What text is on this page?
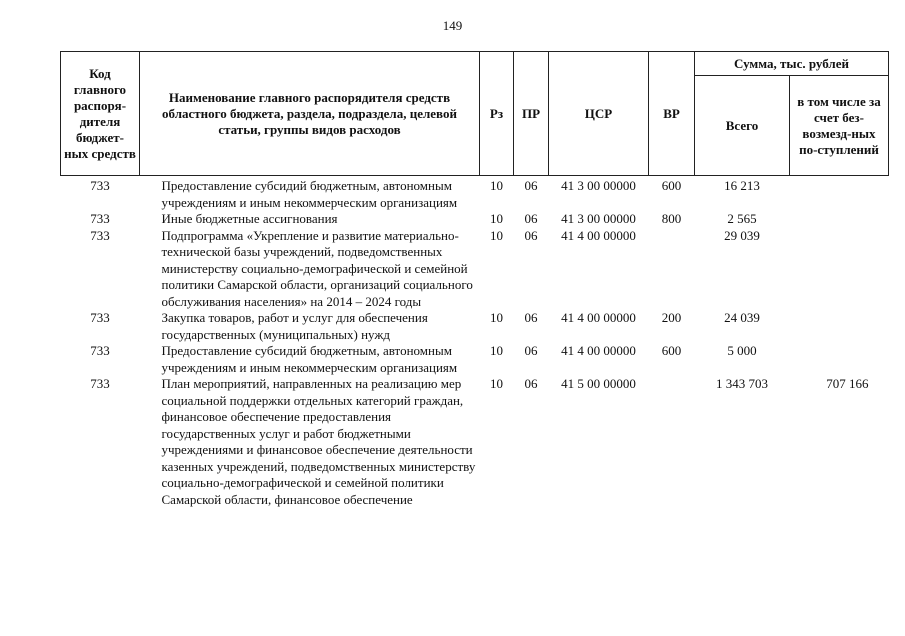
149
Код главного распоря-дителя бюджет-ных средств	Наименование главного распорядителя средств областного бюджета, раздела, подраздела, целевой статьи, группы видов расходов	Рз	ПР	ЦСР	ВР	Сумма, тыс. рублей	
						Всего	в том числе за счет без-возмезд-ных по-ступлений
733	Предоставление субсидий бюджетным, автономным учреждениям и иным некоммерческим организациям	10	06	41 3 00 00000	600	16 213	
733	Иные бюджетные ассигнования	10	06	41 3 00 00000	800	2 565	
733	Подпрограмма «Укрепление и развитие материально-технической базы учреждений, подведомственных министерству социально-демографической и семейной политики Самарской области, организаций социального обслуживания населения» на 2014 – 2024 годы	10	06	41 4 00 00000		29 039	
733	Закупка товаров, работ и услуг для обеспечения государственных (муниципальных) нужд	10	06	41 4 00 00000	200	24 039	
733	Предоставление субсидий бюджетным, автономным учреждениям и иным некоммерческим организациям	10	06	41 4 00 00000	600	5 000	
733	План мероприятий, направленных на реализацию мер социальной поддержки отдельных категорий граждан, финансовое обеспечение предоставления государственных услуг и работ бюджетными учреждениями и финансовое обеспечение деятельности казенных учреждений, подведомственных министерству социально-демографической и семейной политики Самарской области, финансовое обеспечение	10	06	41 5 00 00000		1 343 703	707 166
